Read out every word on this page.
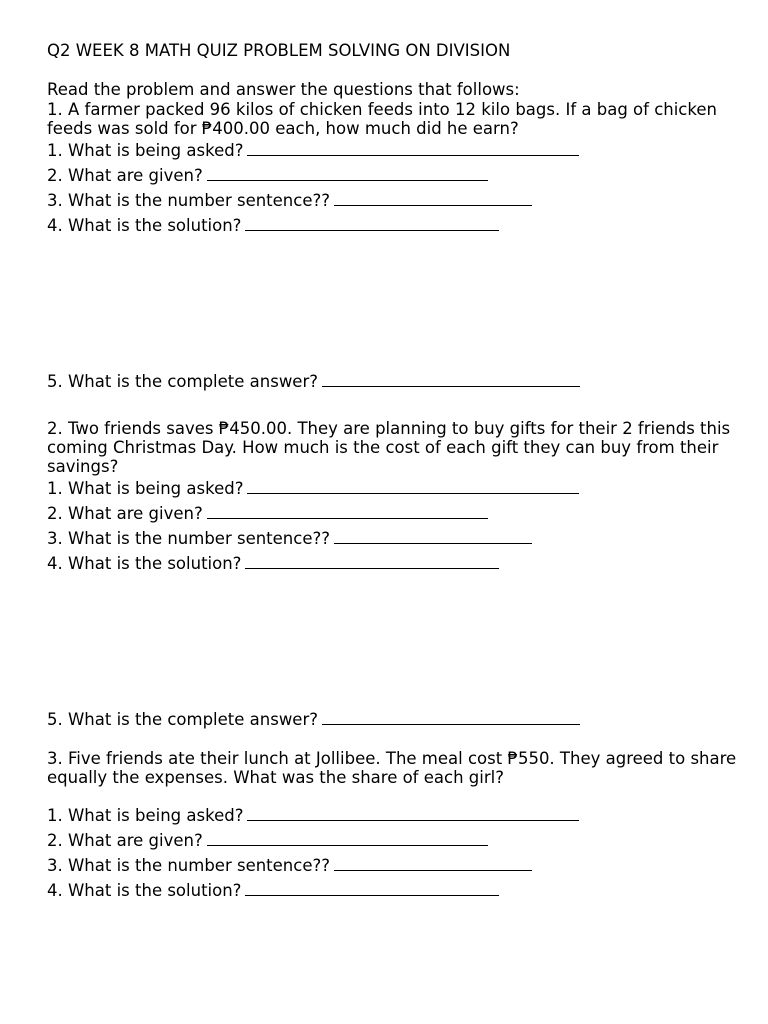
Q2 WEEK 8 MATH QUIZ PROBLEM SOLVING ON DIVISION
Read the problem and answer the questions that follows:
1. A farmer packed 96 kilos of chicken feeds into 12 kilo bags. If a bag of chicken feeds was sold for ₱400.00 each, how much did he earn?
1. What is being asked?
2. What are given?
3. What is the number sentence??
4. What is the solution?
5. What is the complete answer?
2. Two friends saves ₱450.00. They are planning to buy gifts for their 2 friends this coming Christmas Day. How much is the cost of each gift they can buy from their savings?
1. What is being asked?
2. What are given?
3. What is the number sentence??
4. What is the solution?
5. What is the complete answer?
3. Five friends ate their lunch at Jollibee. The meal cost ₱550. They agreed to share equally the expenses. What was the share of each girl?
1. What is being asked?
2. What are given?
3. What is the number sentence??
4. What is the solution?
